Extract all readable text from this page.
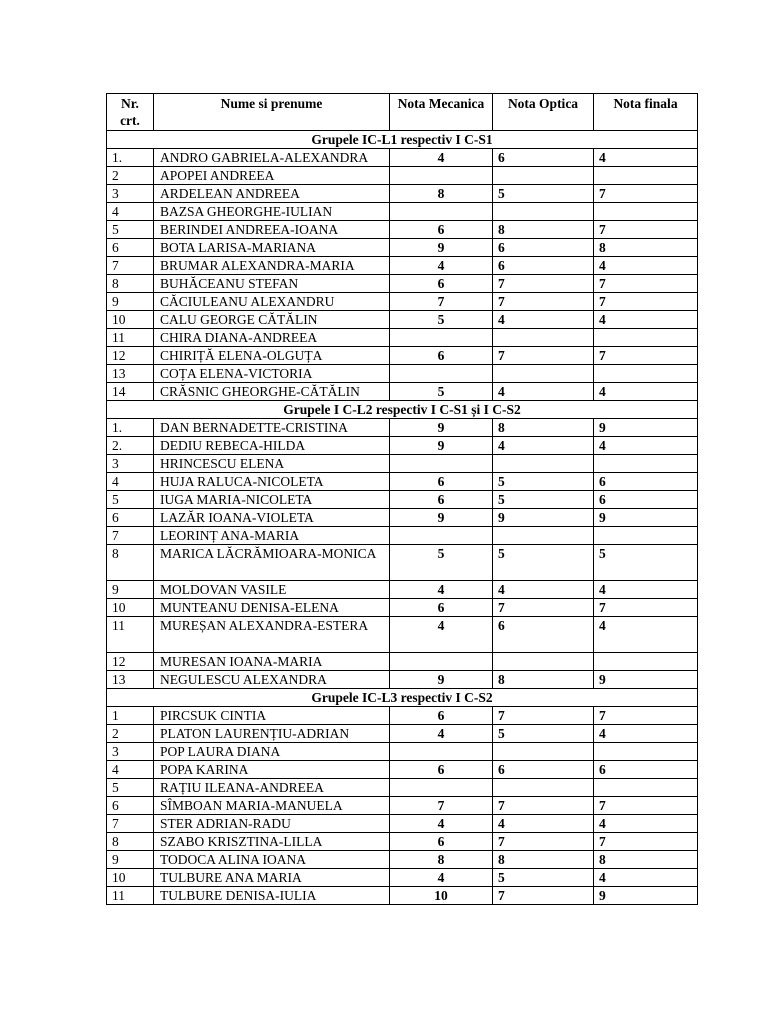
Nr. crt.	Nume si prenume	Nota Mecanica	Nota Optica	Nota finala
Grupele IC-L1 respectiv I C-S1				
1.	ANDRO GABRIELA-ALEXANDRA	4	6	4
2	APOPEI ANDREEA			
3	ARDELEAN ANDREEA	8	5	7
4	BAZSA GHEORGHE-IULIAN			
5	BERINDEI ANDREEA-IOANA	6	8	7
6	BOTA LARISA-MARIANA	9	6	8
7	BRUMAR ALEXANDRA-MARIA	4	6	4
8	BUHĂCEANU STEFAN	6	7	7
9	CĂCIULEANU ALEXANDRU	7	7	7
10	CALU GEORGE CĂTĂLIN	5	4	4
11	CHIRA DIANA-ANDREEA			
12	CHIRIȚĂ ELENA-OLGUȚA	6	7	7
13	COȚA ELENA-VICTORIA			
14	CRĂSNIC GHEORGHE-CĂTĂLIN	5	4	4
Grupele I C-L2 respectiv I C-S1 și I C-S2				
1.	DAN BERNADETTE-CRISTINA	9	8	9
2.	DEDIU REBECA-HILDA	9	4	4
3	HRINCESCU ELENA			
4	HUJA RALUCA-NICOLETA	6	5	6
5	IUGA MARIA-NICOLETA	6	5	6
6	LAZĂR IOANA-VIOLETA	9	9	9
7	LEORINȚ ANA-MARIA			
8	MARICA LĂCRĂMIOARA-MONICA	5	5	5
9	MOLDOVAN VASILE	4	4	4
10	MUNTEANU DENISA-ELENA	6	7	7
11	MUREȘAN ALEXANDRA-ESTERA	4	6	4
12	MURESAN IOANA-MARIA			
13	NEGULESCU ALEXANDRA	9	8	9
Grupele IC-L3 respectiv I C-S2				
1	PIRCSUK CINTIA	6	7	7
2	PLATON LAURENȚIU-ADRIAN	4	5	4
3	POP LAURA DIANA			
4	POPA KARINA	6	6	6
5	RAȚIU ILEANA-ANDREEA			
6	SÎMBOAN MARIA-MANUELA	7	7	7
7	STER ADRIAN-RADU	4	4	4
8	SZABO KRISZTINA-LILLA	6	7	7
9	TODOCA ALINA IOANA	8	8	8
10	TULBURE ANA MARIA	4	5	4
11	TULBURE DENISA-IULIA	10	7	9
